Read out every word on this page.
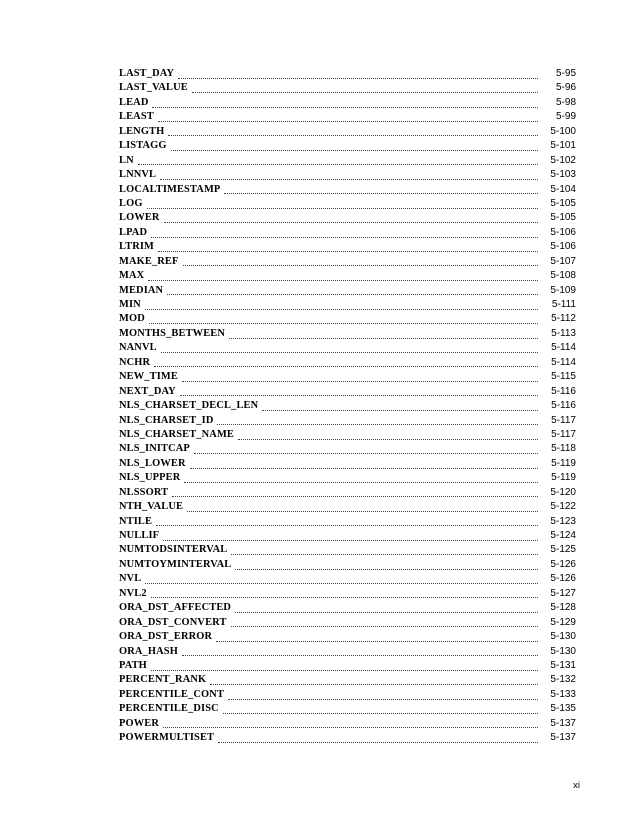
LAST_DAY	5-95
LAST_VALUE	5-96
LEAD	5-98
LEAST	5-99
LENGTH	5-100
LISTAGG	5-101
LN	5-102
LNNVL	5-103
LOCALTIMESTAMP	5-104
LOG	5-105
LOWER	5-105
LPAD	5-106
LTRIM	5-106
MAKE_REF	5-107
MAX	5-108
MEDIAN	5-109
MIN	5-111
MOD	5-112
MONTHS_BETWEEN	5-113
NANVL	5-114
NCHR	5-114
NEW_TIME	5-115
NEXT_DAY	5-116
NLS_CHARSET_DECL_LEN	5-116
NLS_CHARSET_ID	5-117
NLS_CHARSET_NAME	5-117
NLS_INITCAP	5-118
NLS_LOWER	5-119
NLS_UPPER	5-119
NLSSORT	5-120
NTH_VALUE	5-122
NTILE	5-123
NULLIF	5-124
NUMTODSINTERVAL	5-125
NUMTOYMINTERVAL	5-126
NVL	5-126
NVL2	5-127
ORA_DST_AFFECTED	5-128
ORA_DST_CONVERT	5-129
ORA_DST_ERROR	5-130
ORA_HASH	5-130
PATH	5-131
PERCENT_RANK	5-132
PERCENTILE_CONT	5-133
PERCENTILE_DISC	5-135
POWER	5-137
POWERMULTISET	5-137
xi
